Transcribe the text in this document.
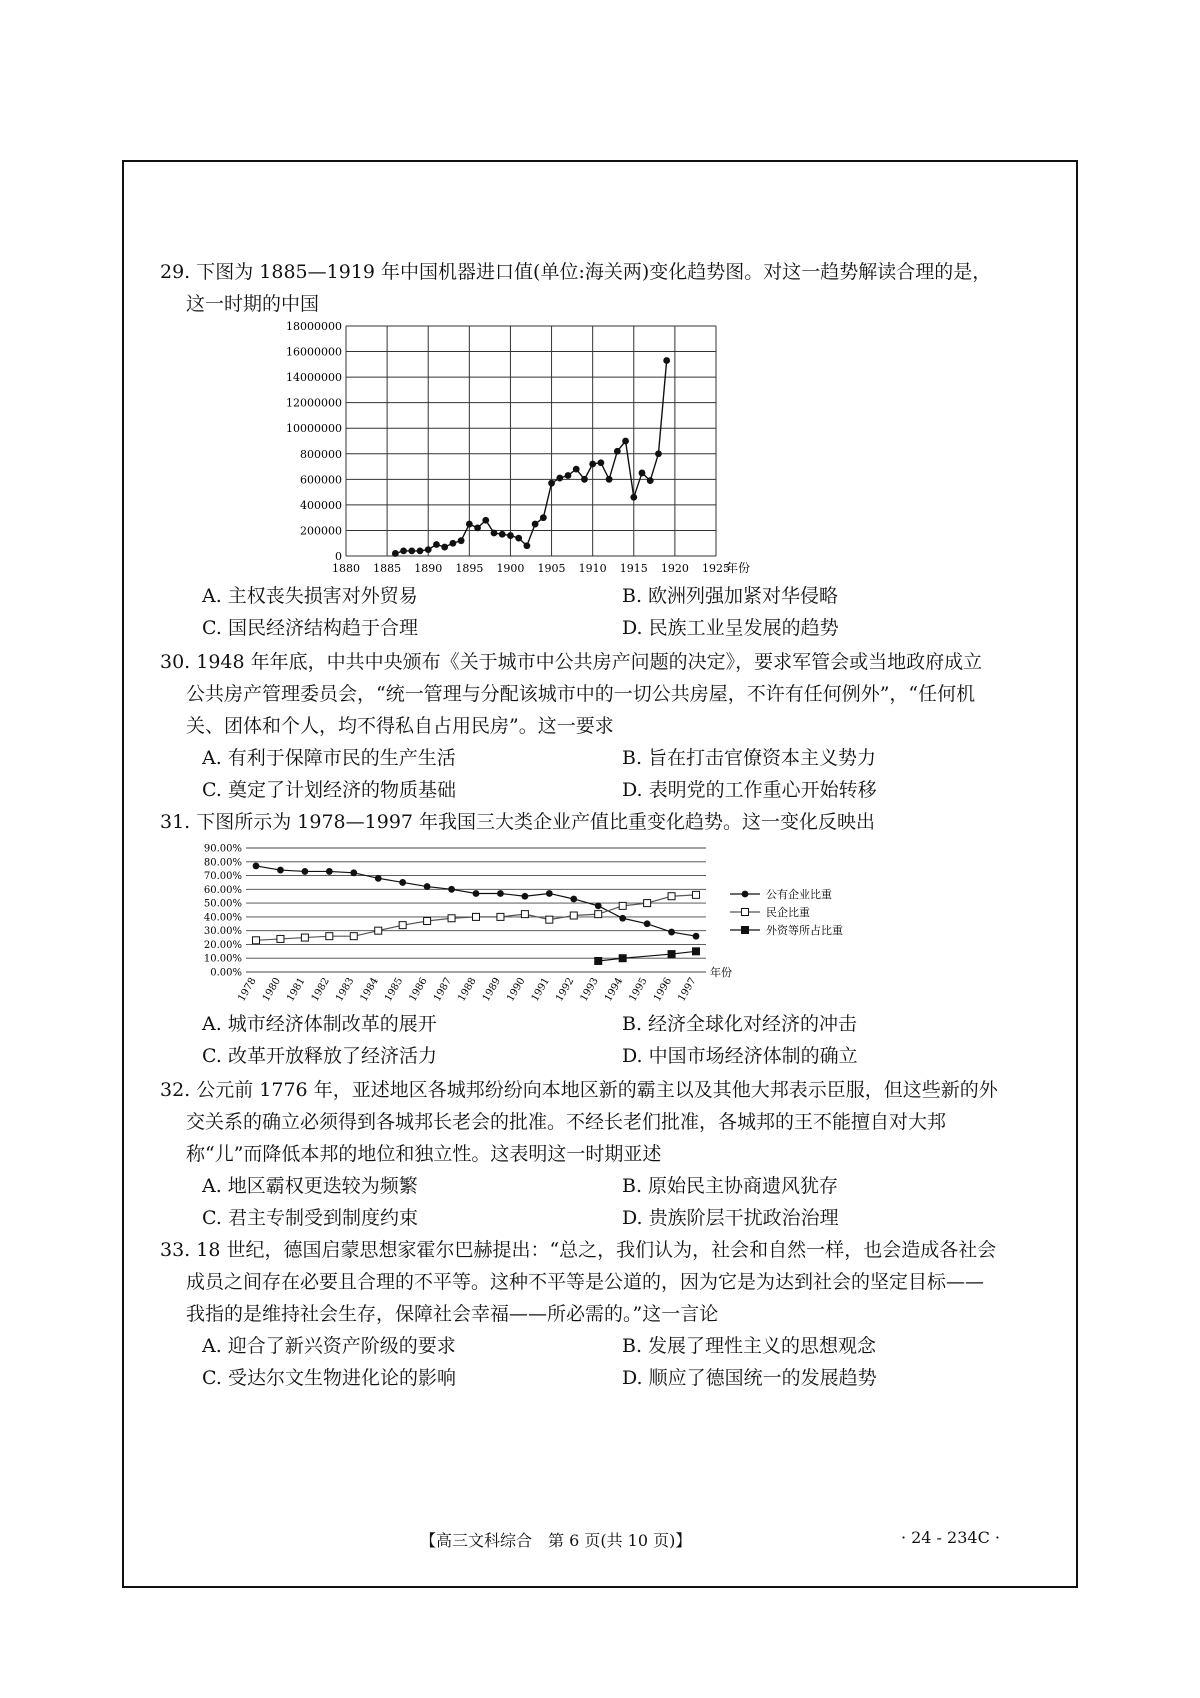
29. 下图为 1885—1919 年中国机器进口值(单位:海关两)变化趋势图。对这一趋势解读合理的是，这一时期的中国

0
200000
400000
600000
800000
10000000
12000000
14000000
16000000
18000000
1880 1885 1890 1895 1900 1905 1910 1915 1920 1925
年份
A. 主权丧失损害对外贸易	B. 欧洲列强加紧对华侵略
C. 国民经济结构趋于合理	D. 民族工业呈发展的趋势

30. 1948 年年底，中共中央颁布《关于城市中公共房产问题的决定》，要求军管会或当地政府成立公共房产管理委员会，“统一管理与分配该城市中的一切公共房屋，不许有任何例外”，“任何机关、团体和个人，均不得私自占用民房”。这一要求

A. 有利于保障市民的生产生活	B. 旨在打击官僚资本主义势力
C. 奠定了计划经济的物质基础	D. 表明党的工作重心开始转移

31. 下图所示为 1978—1997 年我国三大类企业产值比重变化趋势。这一变化反映出

0.00%
10.00%
20.00%
30.00%
40.00%
50.00%
60.00%
70.00%
80.00%
90.00%
1978 1980 1981 1982 1983 1984 1985 1986 1987 1988 1989 1990 1991 1992 1993 1994 1995 1996 1997
年份
公有企业比重
民企比重
外资等所占比重
A. 城市经济体制改革的展开	B. 经济全球化对经济的冲击
C. 改革开放释放了经济活力	D. 中国市场经济体制的确立

32. 公元前 1776 年，亚述地区各城邦纷纷向本地区新的霸主以及其他大邦表示臣服，但这些新的外交关系的确立必须得到各城邦长老会的批准。不经长老们批准，各城邦的王不能擅自对大邦称“儿”而降低本邦的地位和独立性。这表明这一时期亚述

A. 地区霸权更迭较为频繁	B. 原始民主协商遗风犹存
C. 君主专制受到制度约束	D. 贵族阶层干扰政治治理

33. 18 世纪，德国启蒙思想家霍尔巴赫提出：“总之，我们认为，社会和自然一样，也会造成各社会成员之间存在必要且合理的不平等。这种不平等是公道的，因为它是为达到社会的坚定目标——我指的是维持社会生存，保障社会幸福——所必需的。”这一言论

A. 迎合了新兴资产阶级的要求	B. 发展了理性主义的思想观念
C. 受达尔文生物进化论的影响	D. 顺应了德国统一的发展趋势
【高三文科综合　第 6 页(共 10 页)】	· 24 - 234C ·
